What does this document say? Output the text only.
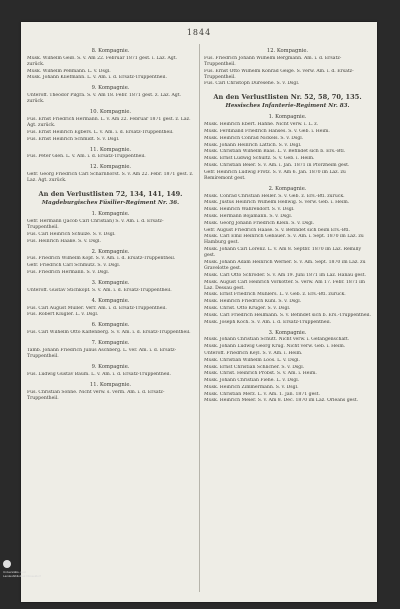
1844
8. Kompagnie.
Musk. Wilhelm Geiß. S. v. Am 22. Februar 1871 gest. i. Laz. Agt. zurück.
Musk. Wilhelm Peßmann. L. v. Dsgl.
Musk. Johann Kliefmann. L. v. Am. i. d. Ersatz-Truppentheil.
9. Kompagnie.
Unteroff. Theodor Pilgra. S. v. Am 18. Febr. 1871 gest. z. Laz. Agt. zurück.
10. Kompagnie.
Füs. Ernst Friedrich Hermann. L. v. Am 22. Februar 1871 gest. z. Laz. Agt. zurück.
Füs. Ernst Heinrich Egbers. L. v. Am. i. d. Ersatz-Truppentheil.
Füs. Ernst Heinrich Schmidt. S. v. Dsgl.
11. Kompagnie.
Füs. Peter Glen. L. v. Am. i. d. Ersatz-Truppentheil.
12. Kompagnie.
Gefr. Georg Friedrich Carl Scharnhorst. S. v. Am 22. Febr. 1871 gest. z. Laz. Agt. zurück.
An den Verlustlisten 72, 134, 141, 149.
Magdeburgisches Füsilier-Regiment Nr. 36.
1. Kompagnie.
Gefr. Hermann (Jacob Carl Christian) S. v. Am. i. d. Ersatz-Truppentheil.
Füs. Carl Heinrich Schulze. S. v. Dsgl.
Füs. Heinrich Haake. S. v. Dsgl.
2. Kompagnie.
Füs. Friedrich Wilhelm Kopf. S. v. Am. i. d. Ersatz-Truppentheil.
Gefr. Friedrich Carl Schmutz. S. v. Dsgl.
Füs. Friedrich Hermann. S. v. Dsgl.
3. Kompagnie.
Unteroff. Gustav Stichkopf. S. v. Am. i. d. Ersatz-Truppentheil.
4. Kompagnie.
Füs. Carl August Müller. Verr. Am. i. d. Ersatz-Truppentheil.
Füs. Robert Klügler. L. v. Dsgl.
6. Kompagnie.
Füs. Carl Wilhelm Otto Kaltenberg. S. v. Am. i. d. Ersatz-Truppentheil.
7. Kompagnie.
Tamb. Johann Friedrich Julius Aschberg. L. ver. Am. i. d. Ersatz-Truppentheil.
9. Kompagnie.
Füs. Ludwig Gustav Baum. L. v. Am. i. d. Ersatz-Truppentheil.
11. Kompagnie.
Füs. Christian Sonne. Nicht verw. s. verm. Am. i. d. Ersatz-Truppentheil.
12. Kompagnie.
Füs. Friedrich Johann Wilhelm Bergmann. Am. i. d. Ersatz-Truppentheil.
Füs. Ernst Otto Wilhelm Konrad Geige. S. verw. Am. i. d. Ersatz-Truppentheil.
Füs. Carl Christoph Duresehe. S. v. Dsgl.
An den Verlustlisten Nr. 52, 58, 70, 135.
Hessisches Infanterie-Regiment Nr. 83.
1. Kompagnie.
Musk. Heinrich Ebert. Hahne. Nicht verw. i. L. z.
Musk. Ferdinand Friedrich Hanses. S. v. Geb. i. Heim.
Musk. Heinrich Conrad Nickels. S. v. Dsgl.
Musk. Johann Heinrich Lattich. S. v. Dsgl.
Musk. Christian Wilhelm Baas. L. v. Befindet sich b. Ers.-Btl.
Musk. Ernst Ludwig Schultz. S. v. Geb. i. Heim.
Musk. Christian Beier. S. v. Am. i. Jan. 1871 in Pforzheim gest.
Gefr. Heinrich Ludwig Frötz. S. v. Am 6. Jan. 1870 im Laz. zu Remiremont gest.
2. Kompagnie.
Musk. Conrad Christian Heller. S. v. Geb. z. Ers.-Btl. zurück.
Musk. Justus Heinrich Wilhelm Hellwig. S. verw. Geb. i. Heim.
Musk. Heinrich Wahrendorf. S. v. Dsgl.
Musk. Hermann Bojamann. S. v. Dsgl.
Musk. Georg Johann Friedrich Klein. S. v. Dsgl.
Gefr. August Friedrich Haase. S. v. Befindet sich beim Ers.-Btl.
Musk. Carl Emil Heinrich Gebauer. S. v. Am. i. Sept. 1870 im Laz. zu Hamburg gest.
Musk. Johann Carl Lorenz. L. v. Am 8. Septbr. 1870 im Laz. Remilly gest.
Musk. Johann Adam Heinrich Werner. S. v. Am. Sept. 1870 im Laz. zu Gravelotte gest.
Musk. Carl Otto Schröder. S. v. Am 19. Juni 1871 im Laz. Hanau gest.
Musk. August Carl Heinrich Vorkötter. S. verw. Am 17. Febr. 1871 im Laz. Dessau gest.
Musk. Ernst Friedrich Mühlers. L. v. Geb. z. Ers.-Btl. zurück.
Musk. Heinrich Friedrich Kühl. S. v. Dsgl.
Musk. Christ. Otto Krüger. S. v. Dsgl.
Musk. Carl Friedrich Heilmann. S. v. Befindet sich b. Ers.-Truppentheil.
Musk. Joseph Koch. S. v. Am. i. d. Ersatz-Truppentheil.
3. Kompagnie.
Musk. Johann Christian Schütt. Nicht verw. i. Gefangenschaft.
Musk. Johann Ludwig Georg Krug. Nicht verw. Geb. i. Heim.
Unteroff. Friedrich Keyl. S. v. Am. i. Heim.
Musk. Christian Wilhelm Loos. L. v. Dsgl.
Musk. Ernst Christian Schlicher. S. v. Dsgl.
Musk. Christ. Heinrich Probst. S. v. Am. i. Heim.
Musk. Johann Christian Fiehe. L. v. Dsgl.
Musk. Heinrich Zimmermann. S. v. Dsgl.
Musk. Christian Merz. L. v. Am. 1. Jan. 1871 gest.
Musk. Heinrich Meier. S. v. Am 8. Dec. 1870 im Laz. Orleans gest.
Universitäts- und
Landesbibliothek Düsseldorf
